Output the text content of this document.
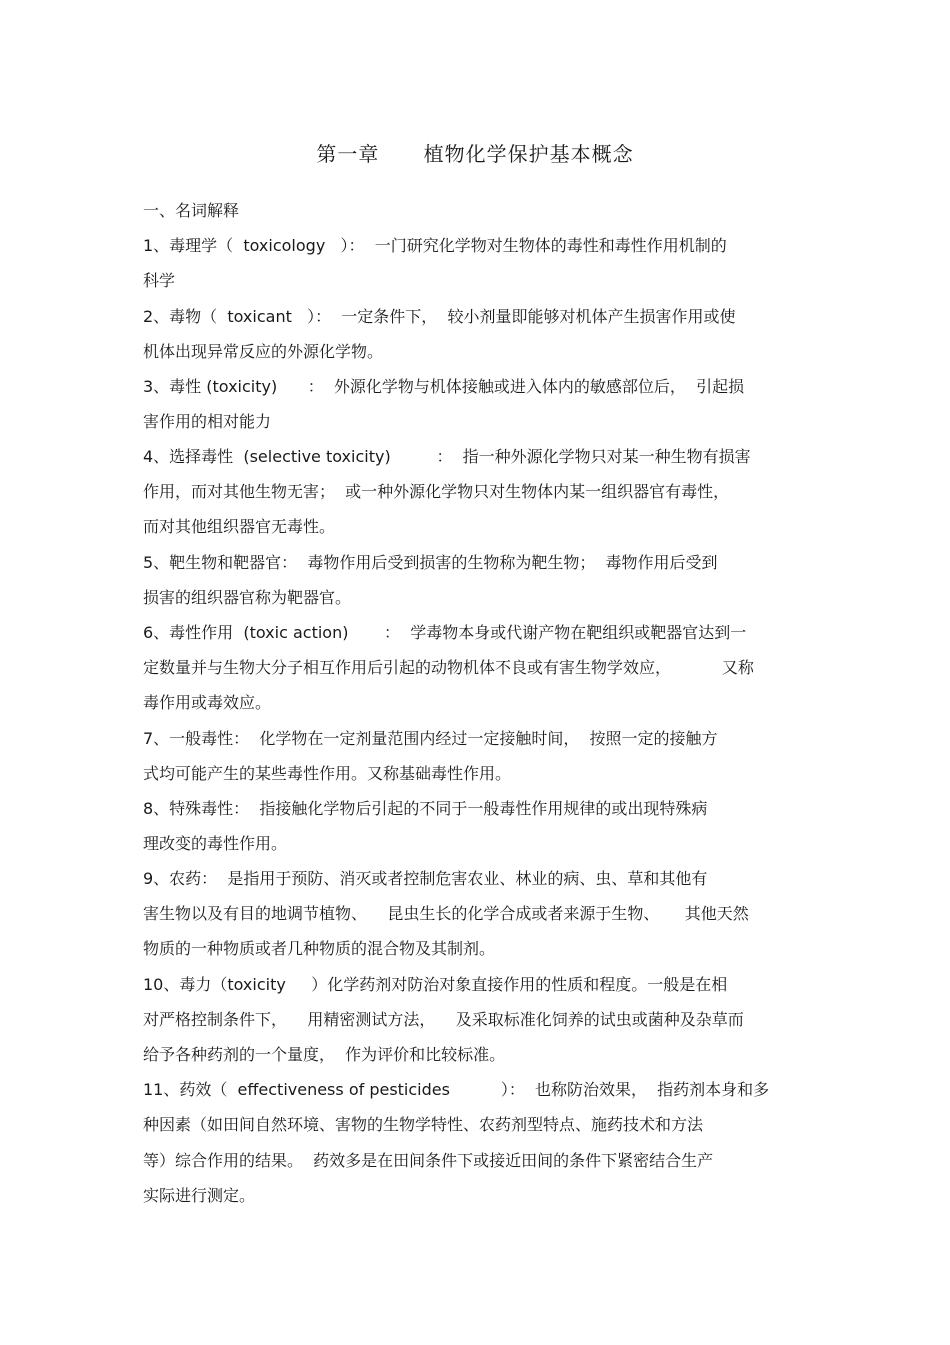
第一章      植物化学保护基本概念
一、名词解释
1、毒理学（  toxicology   ）：  一门研究化学物对生物体的毒性和毒性作用机制的
科学
2、毒物（  toxicant   ）：  一定条件下，  较小剂量即能够对机体产生损害作用或使
机体出现异常反应的外源化学物。
3、毒性 (toxicity)      ：  外源化学物与机体接触或进入体内的敏感部位后，  引起损
害作用的相对能力
4、选择毒性  (selective toxicity)         ：  指一种外源化学物只对某一种生物有损害
作用，而对其他生物无害；  或一种外源化学物只对生物体内某一组织器官有毒性，
而对其他组织器官无毒性。
5、靶生物和靶器官：  毒物作用后受到损害的生物称为靶生物；  毒物作用后受到
损害的组织器官称为靶器官。
6、毒性作用  (toxic action)       ：  学毒物本身或代谢产物在靶组织或靶器官达到一
定数量并与生物大分子相互作用后引起的动物机体不良或有害生物学效应，          又称
毒作用或毒效应。
7、一般毒性：  化学物在一定剂量范围内经过一定接触时间，  按照一定的接触方
式均可能产生的某些毒性作用。又称基础毒性作用。
8、特殊毒性：  指接触化学物后引起的不同于一般毒性作用规律的或出现特殊病
理改变的毒性作用。
9、农药：  是指用于预防、消灭或者控制危害农业、林业的病、虫、草和其他有
害生物以及有目的地调节植物、    昆虫生长的化学合成或者来源于生物、     其他天然
物质的一种物质或者几种物质的混合物及其制剂。
10、毒力（toxicity     ）化学药剂对防治对象直接作用的性质和程度。一般是在相
对严格控制条件下，    用精密测试方法，    及采取标准化饲养的试虫或菌种及杂草而
给予各种药剂的一个量度，  作为评价和比较标准。
11、药效（  effectiveness of pesticides          ）：  也称防治效果，  指药剂本身和多
种因素（如田间自然环境、害物的生物学特性、农药剂型特点、施药技术和方法
等）综合作用的结果。  药效多是在田间条件下或接近田间的条件下紧密结合生产
实际进行测定。
